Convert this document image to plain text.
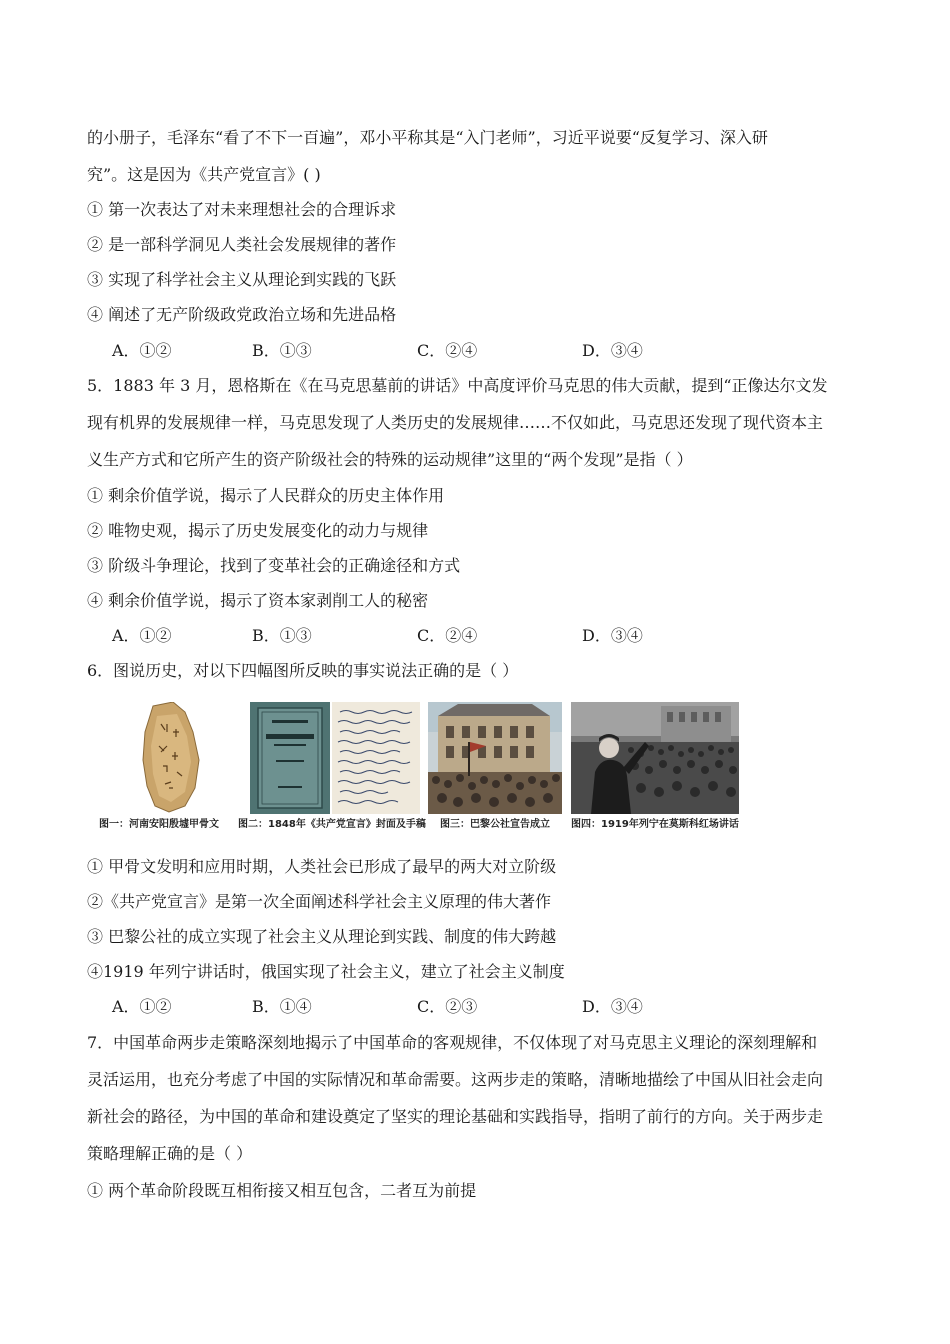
的小册子，毛泽东“看了不下一百遍”，邓小平称其是“入门老师”，习近平说要“反复学习、深入研
究”。这是因为《共产党宣言》( )
① 第一次表达了对未来理想社会的合理诉求
② 是一部科学洞见人类社会发展规律的著作
③ 实现了科学社会主义从理论到实践的飞跃
④ 阐述了无产阶级政党政治立场和先进品格
A．①②	B．①③	C．②④	D．③④
5．1883 年 3 月，恩格斯在《在马克思墓前的讲话》中高度评价马克思的伟大贡献，提到“正像达尔文发
现有机界的发展规律一样，马克思发现了人类历史的发展规律……不仅如此，马克思还发现了现代资本主
义生产方式和它所产生的资产阶级社会的特殊的运动规律”这里的“两个发现”是指（ ）
① 剩余价值学说，揭示了人民群众的历史主体作用
② 唯物史观，揭示了历史发展变化的动力与规律
③ 阶级斗争理论，找到了变革社会的正确途径和方式
④ 剩余价值学说，揭示了资本家剥削工人的秘密
A．①②	B．①③	C．②④	D．③④
6．图说历史，对以下四幅图所反映的事实说法正确的是（ ）
图一：河南安阳殷墟甲骨文 图二：1848年《共产党宣言》封面及手稿 图三：巴黎公社宣告成立 图四：1919年列宁在莫斯科红场讲话
① 甲骨文发明和应用时期，人类社会已形成了最早的两大对立阶级
②《共产党宣言》是第一次全面阐述科学社会主义原理的伟大著作
③ 巴黎公社的成立实现了社会主义从理论到实践、制度的伟大跨越
④1919 年列宁讲话时，俄国实现了社会主义，建立了社会主义制度
A．①②	B．①④	C．②③	D．③④
7．中国革命两步走策略深刻地揭示了中国革命的客观规律，不仅体现了对马克思主义理论的深刻理解和
灵活运用，也充分考虑了中国的实际情况和革命需要。这两步走的策略，清晰地描绘了中国从旧社会走向
新社会的路径，为中国的革命和建设奠定了坚实的理论基础和实践指导，指明了前行的方向。关于两步走
策略理解正确的是（ ）
① 两个革命阶段既互相衔接又相互包含，二者互为前提
